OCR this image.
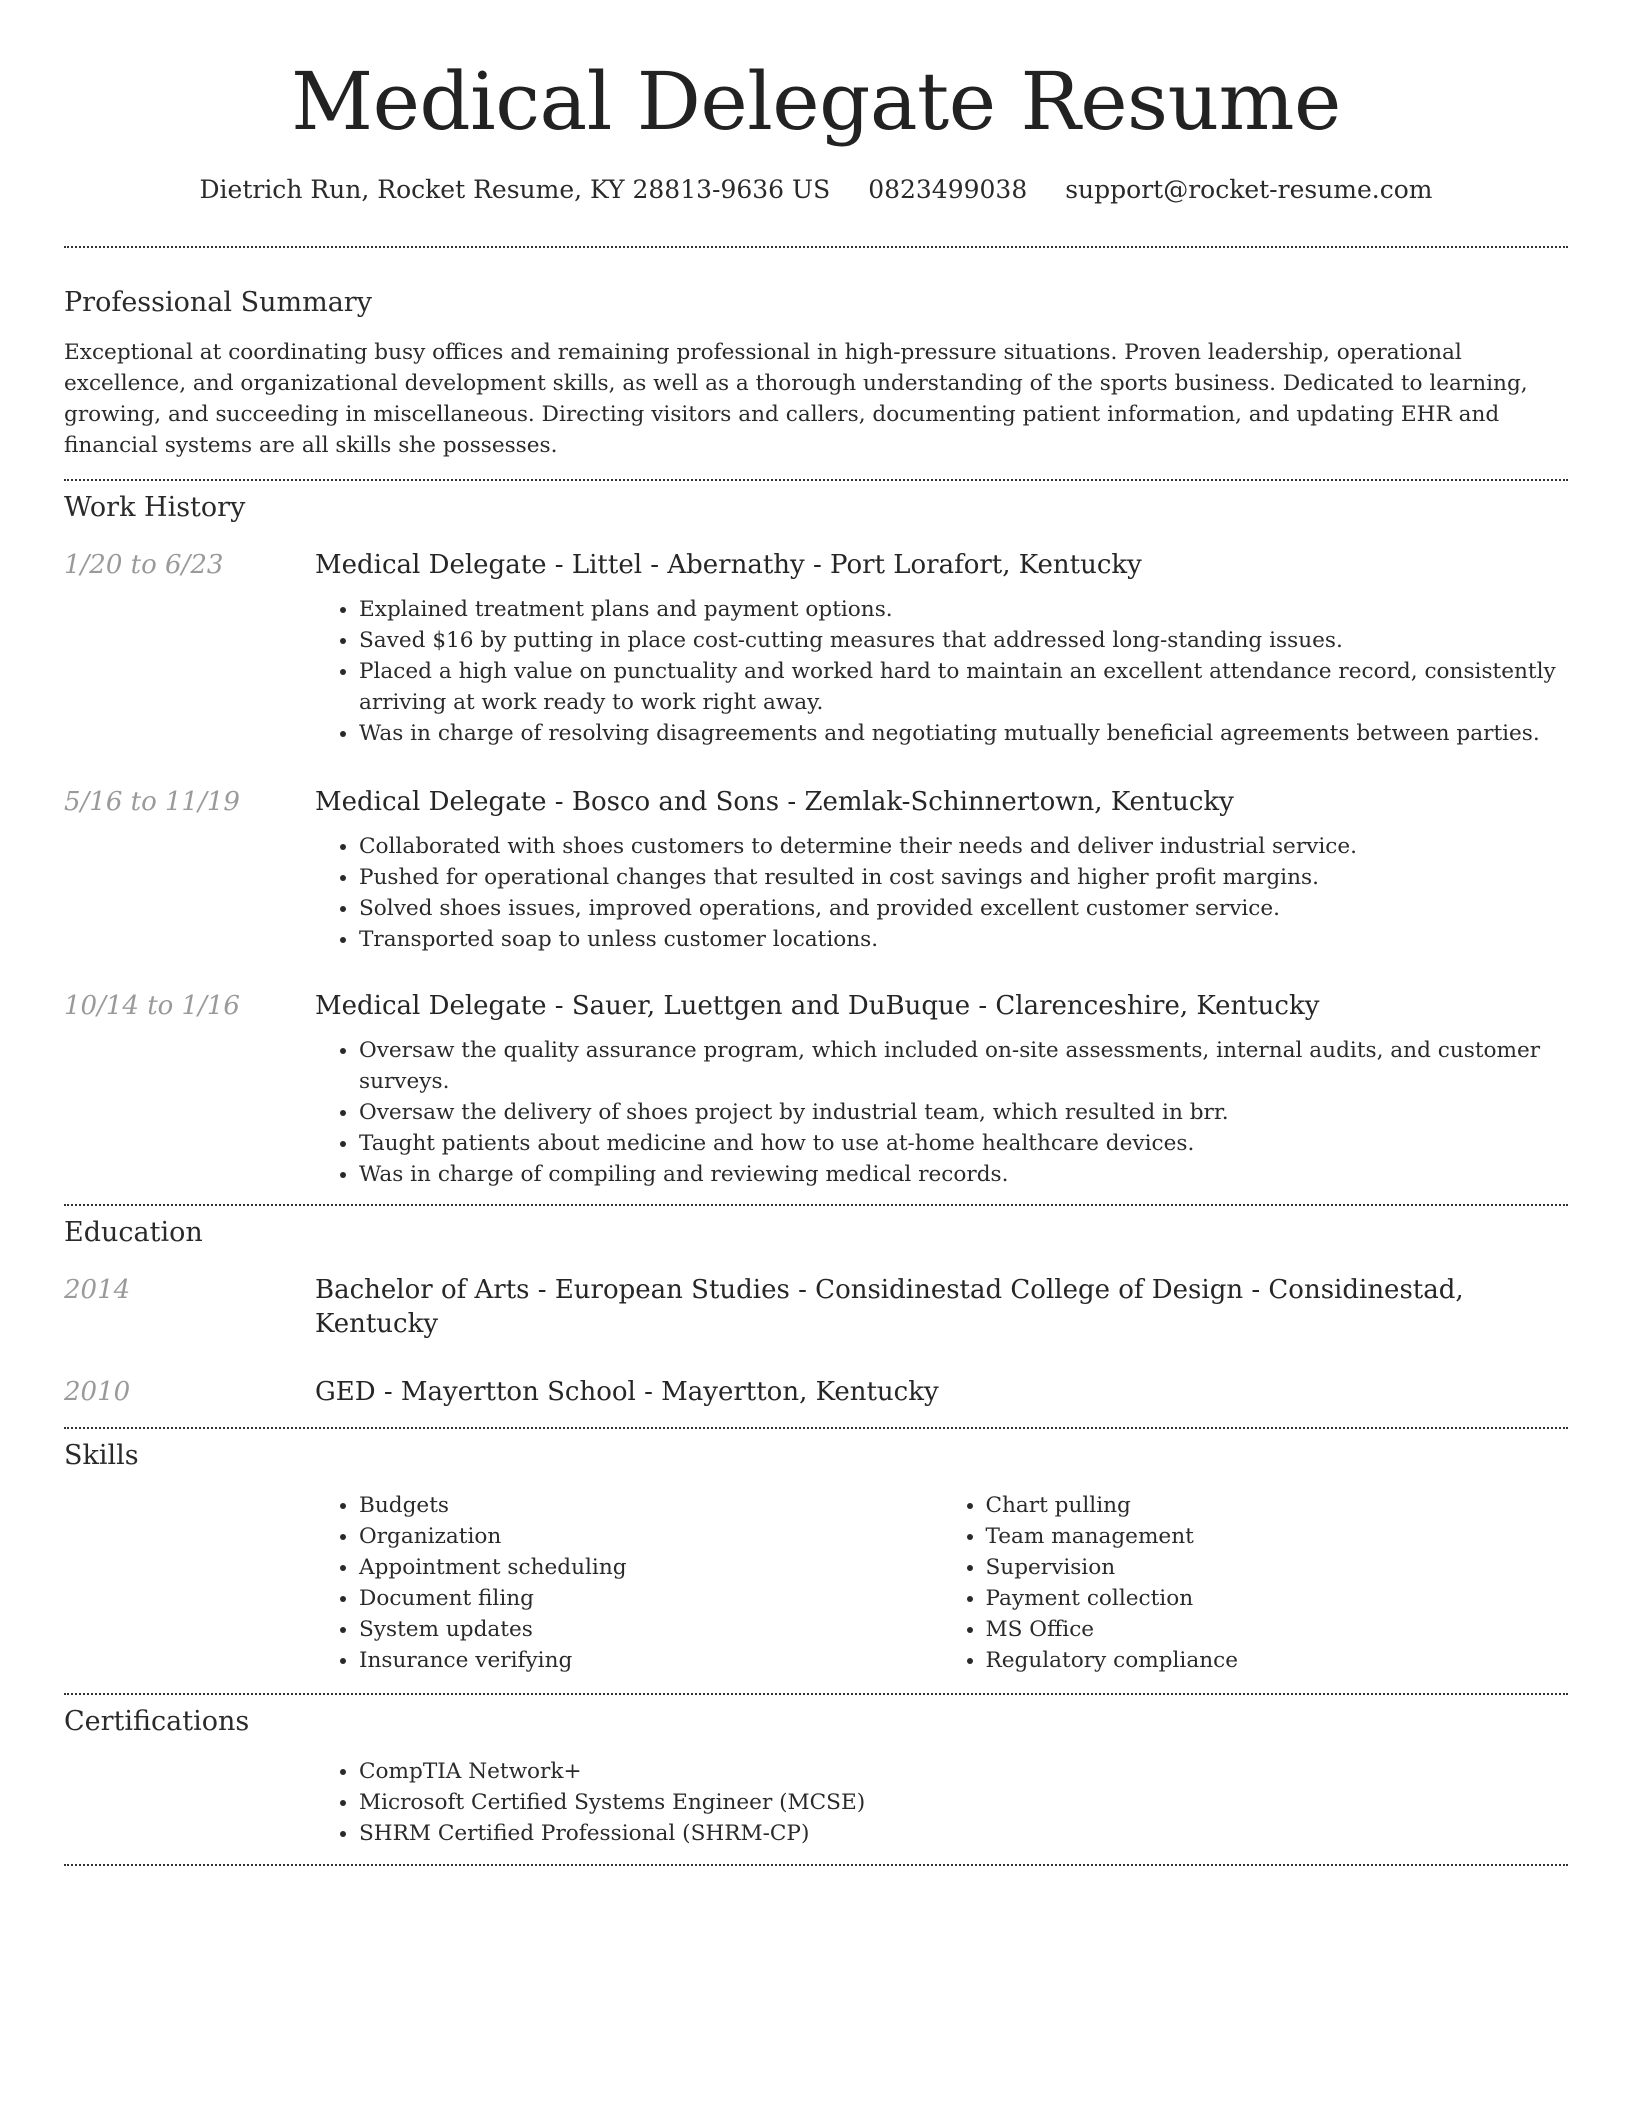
Medical Delegate Resume
Dietrich Run, Rocket Resume, KY 28813-9636 US 0823499038 support@rocket-resume.com
Professional Summary

Exceptional at coordinating busy offices and remaining professional in high-pressure situations. Proven leadership, operational excellence, and organizational development skills, as well as a thorough understanding of the sports business. Dedicated to learning, growing, and succeeding in miscellaneous. Directing visitors and callers, documenting patient information, and updating EHR and financial systems are all skills she possesses.

Work History
1/20 to 6/23	Medical Delegate - Littel - Abernathy - Port Lorafort, Kentucky
• Explained treatment plans and payment options.
• Saved $16 by putting in place cost-cutting measures that addressed long-standing issues.
• Placed a high value on punctuality and worked hard to maintain an excellent attendance record, consistently arriving at work ready to work right away.
• Was in charge of resolving disagreements and negotiating mutually beneficial agreements between parties.
5/16 to 11/19	Medical Delegate - Bosco and Sons - Zemlak-Schinnertown, Kentucky
• Collaborated with shoes customers to determine their needs and deliver industrial service.
• Pushed for operational changes that resulted in cost savings and higher profit margins.
• Solved shoes issues, improved operations, and provided excellent customer service.
• Transported soap to unless customer locations.
10/14 to 1/16	Medical Delegate - Sauer, Luettgen and DuBuque - Clarenceshire, Kentucky
• Oversaw the quality assurance program, which included on-site assessments, internal audits, and customer surveys.
• Oversaw the delivery of shoes project by industrial team, which resulted in brr.
• Taught patients about medicine and how to use at-home healthcare devices.
• Was in charge of compiling and reviewing medical records.
Education
2014	Bachelor of Arts - European Studies - Considinestad College of Design - Considinestad, Kentucky
2010	GED - Mayertton School - Mayertton, Kentucky
Skills
• Budgets
• Organization
• Appointment scheduling
• Document filing
• System updates
• Insurance verifying
• Chart pulling
• Team management
• Supervision
• Payment collection
• MS Office
• Regulatory compliance
Certifications
• CompTIA Network+
• Microsoft Certified Systems Engineer (MCSE)
• SHRM Certified Professional (SHRM-CP)
